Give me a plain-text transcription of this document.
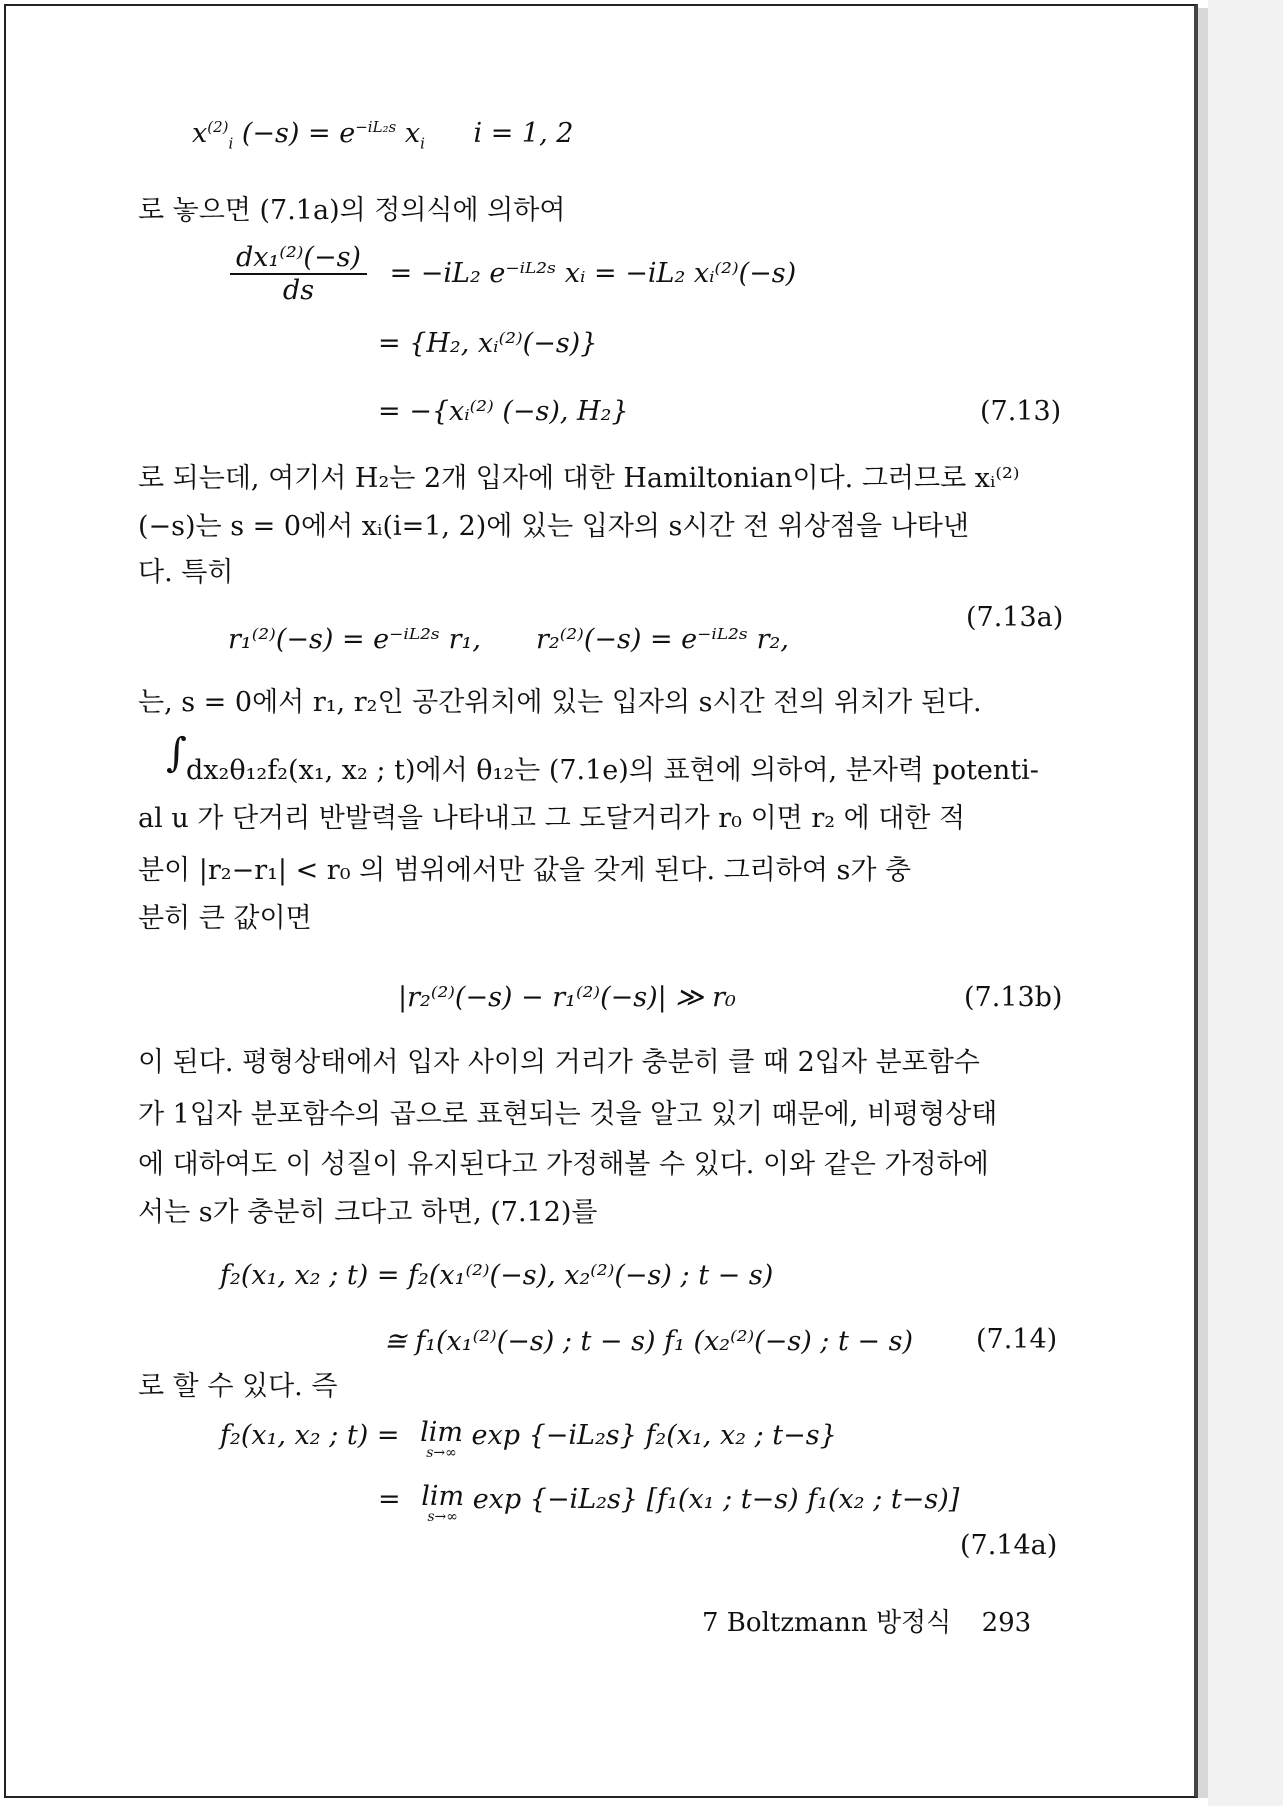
$x^{(2)}_i$ $(-s) = e^{-iL_2s}$ $x_i$ i = 1, 2
로 놓으면 (7.1a)의 정의식에 의하여
$\frac{\text{dx₁⁽²⁾(−s)}}{ds} = -iL_2$ e⁻ⁱᴸ²ˢ xᵢ = −iL₂ xᵢ⁽²⁾(−s)
= {H₂, xᵢ⁽²⁾(−s)}
= −{xᵢ⁽²⁾ (−s), H₂}	(7.13)
로 되는데, 여기서 H₂는 2개 입자에 대한 Hamiltonian이다. 그러므로 xᵢ⁽²⁾
(−s)는 s = 0에서 xᵢ(i=1, 2)에 있는 입자의 s시간 전 위상점을 나타낸
다. 특히
r₁⁽²⁾(−s) = e⁻ⁱᴸ²ˢ r₁, r₂⁽²⁾(−s) = e⁻ⁱᴸ²ˢ r₂,
(7.13a)
는, s = 0에서 r₁, r₂인 공간위치에 있는 입자의 s시간 전의 위치가 된다.
∫ dx₂θ₁₂f₂(x₁, x₂ ; t)에서 θ₁₂는 (7.1e)의 표현에 의하여, 분자력 potenti-
al u 가 단거리 반발력을 나타내고 그 도달거리가 r₀ 이면 r₂ 에 대한 적
분이 |r₂−r₁| < r₀ 의 범위에서만 값을 갖게 된다. 그리하여 s가 충
분히 큰 값이면
|r₂⁽²⁾(−s) − r₁⁽²⁾(−s)| ≫ r₀	(7.13b)
이 된다. 평형상태에서 입자 사이의 거리가 충분히 클 때 2입자 분포함수
가 1입자 분포함수의 곱으로 표현되는 것을 알고 있기 때문에, 비평형상태
에 대하여도 이 성질이 유지된다고 가정해볼 수 있다. 이와 같은 가정하에
서는 s가 충분히 크다고 하면, (7.12)를
f₂(x₁, x₂ ; t) = f₂(x₁⁽²⁾(−s), x₂⁽²⁾(−s) ; t − s)
≅ f₁(x₁⁽²⁾(−s) ; t − s) f₁ (x₂⁽²⁾(−s) ; t − s) (7.14)
로 할 수 있다. 즉
f₂(x₁, x₂ ; t) = lim
s→∞
exp {−iL₂s} f₂(x₁, x₂ ; t−s}
= lim
s→∞
exp {−iL₂s} [f₁(x₁ ; t−s) f₁(x₂ ; t−s)]
(7.14a)
7 Boltzmann 방정식 293
